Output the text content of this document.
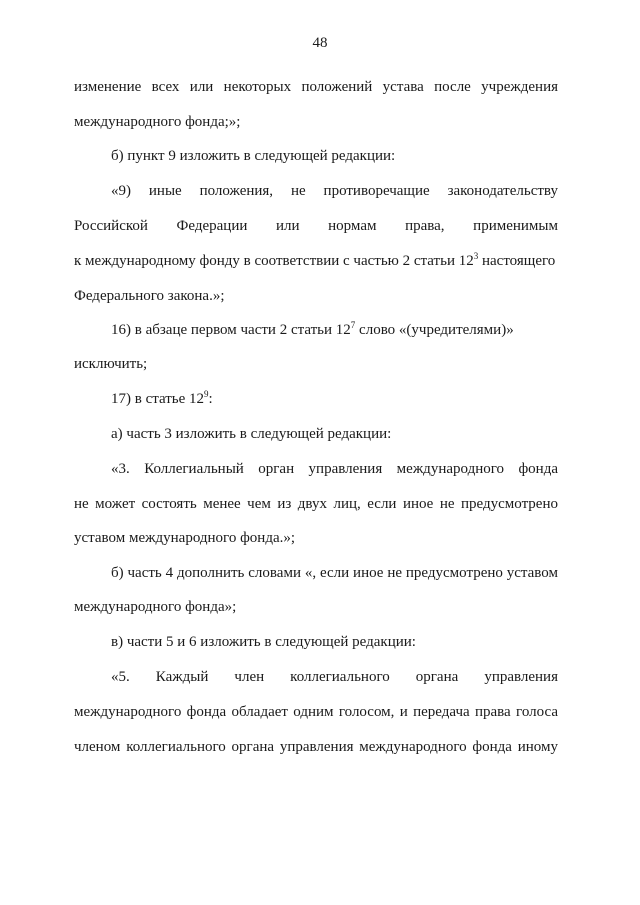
48
изменение всех или некоторых положений устава после учреждения
международного фонда;»;
б) пункт 9 изложить в следующей редакции:
«9) иные положения, не противоречащие законодательству
Российской Федерации или нормам права, применимым
к международному фонду в соответствии с частью 2 статьи $12^3$ настоящего
Федерального закона.»;
16) в абзаце первом части 2 статьи $12^7$ слово «(учредителями)»
исключить;
17) в статье $12^9$:
а) часть 3 изложить в следующей редакции:
«3. Коллегиальный орган управления международного фонда
не может состоять менее чем из двух лиц, если иное не предусмотрено
уставом международного фонда.»;
б) часть 4 дополнить словами «, если иное не предусмотрено уставом
международного фонда»;
в) части 5 и 6 изложить в следующей редакции:
«5. Каждый член коллегиального органа управления
международного фонда обладает одним голосом, и передача права голоса
членом коллегиального органа управления международного фонда иному
